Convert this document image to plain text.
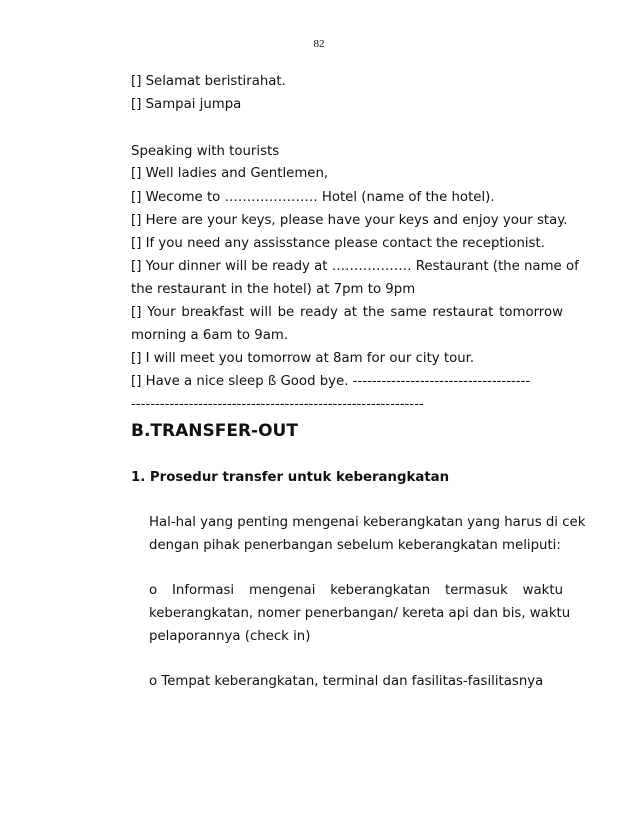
82
[] Selamat beristirahat.
[] Sampai jumpa
Speaking with tourists
[] Well ladies and Gentlemen,
[] Wecome to ………………… Hotel (name of the hotel).
[] Here are your keys, please have your keys and enjoy your stay.
[] If you need any assisstance please contact the receptionist.
[] Your dinner will be ready at ……………… Restaurant (the name of
the restaurant in the hotel) at 7pm to 9pm
[] Your breakfast will be ready at the same restaurat tomorrow
morning a 6am to 9am.
[] I will meet you tomorrow at 8am for our city tour.
[] Have a nice sleep ß Good bye. -------------------------------------
-------------------------------------------------------------
B.TRANSFER-OUT
1. Prosedur transfer untuk keberangkatan
Hal-hal yang penting mengenai keberangkatan yang harus di cek
dengan pihak penerbangan sebelum keberangkatan meliputi:
o Informasi mengenai keberangkatan termasuk waktu
keberangkatan, nomer penerbangan/ kereta api dan bis, waktu
pelaporannya (check in)
o Tempat keberangkatan, terminal dan fasilitas-fasilitasnya
